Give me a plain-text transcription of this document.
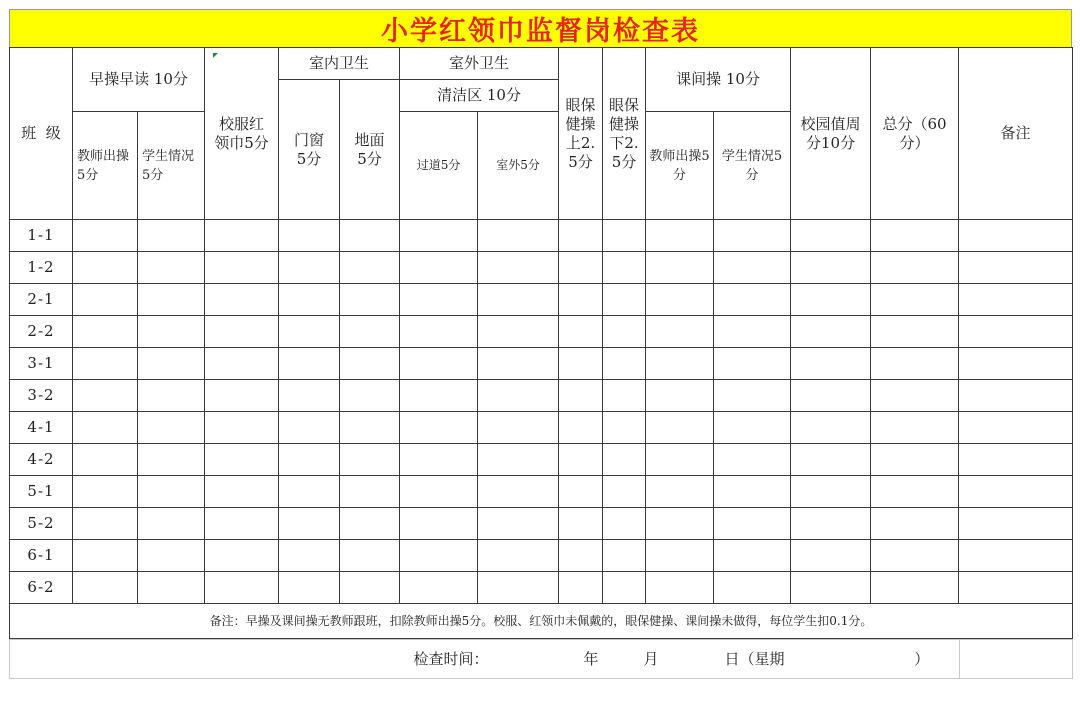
小学红领巾监督岗检查表
班  级	早操早读 10分		校服红领巾5分	室内卫生		室外卫生		眼保健操上2.5分	眼保健操下2.5分	课间操 10分		校园值周分10分	总分（60分）	备注
				门窗5分	地面5分	清洁区 10分								
	教师出操5分	学生情况5分				过道5分	室外5分			教师出操5分	学生情况5分			

1-1														
1-2														
2-1														
2-2														
3-1														
3-2														
4-1														
4-2														
5-1														
5-2														
6-1														
6-2														
备注：早操及课间操无教师跟班，扣除教师出操5分。校服、红领巾未佩戴的，眼保健操、课间操未做得，每位学生扣0.1分。														
检查时间：	年	月		日（星期	）	
